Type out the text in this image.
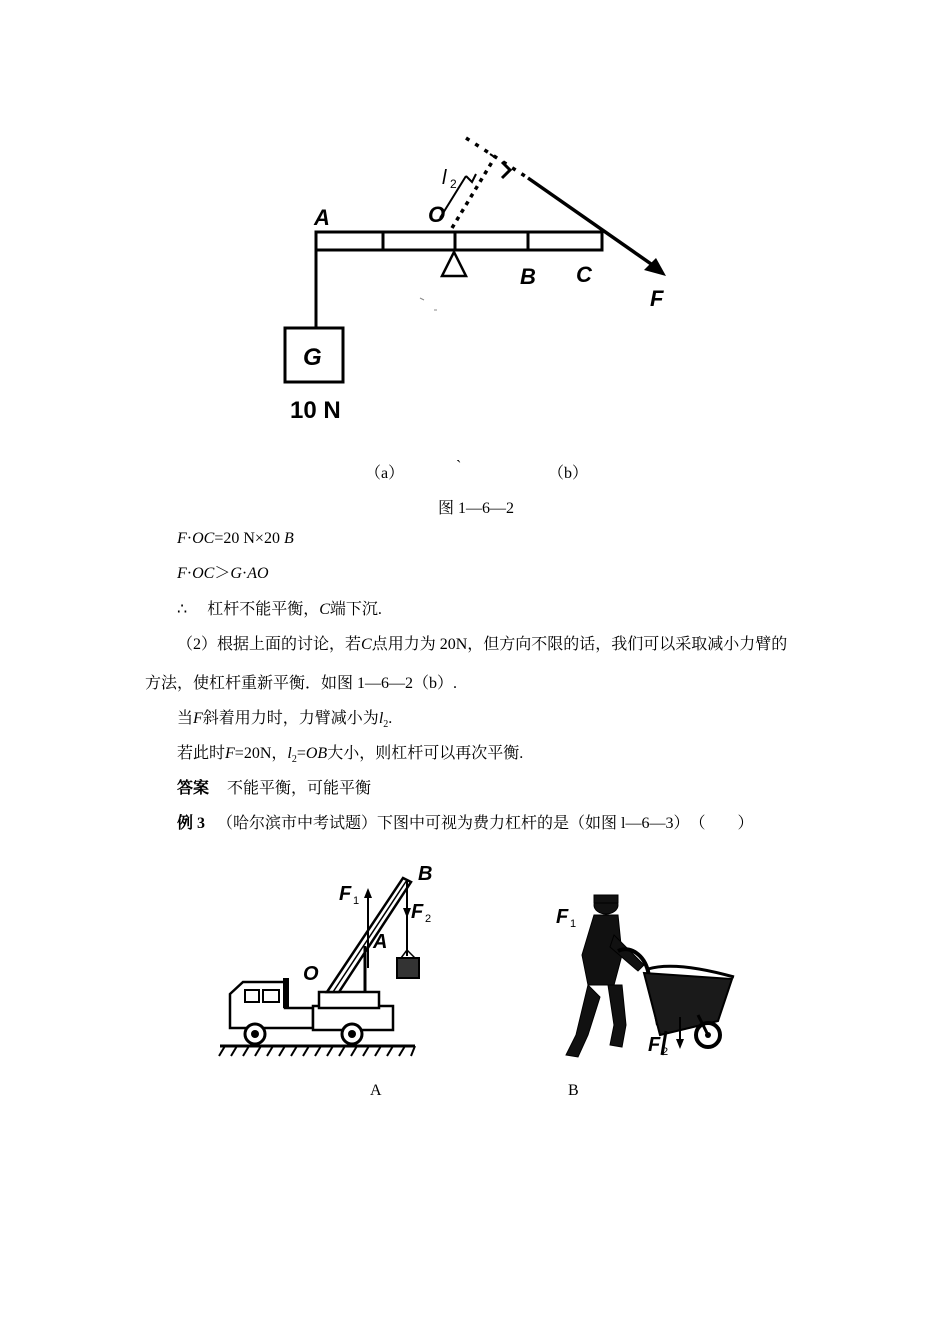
A	O
B C
F
l 2
G
10 N
（a）	`	（b）
图 1—6—2
F·OC=20 N×20 B
F·OC＞G·AO
∴ 杠杆不能平衡，C端下沉.
（2）根据上面的讨论，若C点用力为 20N，但方向不限的话，我们可以采取减小力臂的
方法，使杠杆重新平衡．如图 1—6—2（b）.
当F斜着用力时，力臂减小为$l_2$.
若此时F=20N，$l_2=OB$大小，则杠杆可以再次平衡.
答案 不能平衡，可能平衡
例 3 （哈尔滨市中考试题）下图中可视为费力杠杆的是（如图 l—6—3）　（　　）
F 1
B
F 2
A
O
F 1
F 2
A	B
